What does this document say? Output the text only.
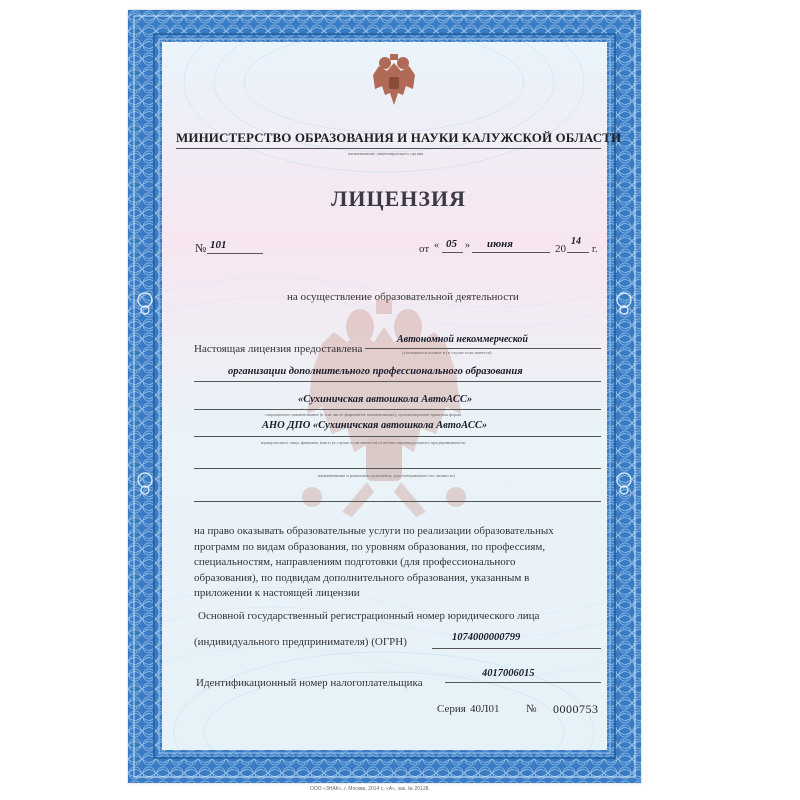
МИНИСТЕРСТВО ОБРАЗОВАНИЯ И НАУКИ КАЛУЖСКОЙ ОБЛАСТИ
наименование лицензирующего органа
ЛИЦЕНЗИЯ
№ 101	от « 05 » июня	20
14
г.
на осуществление образовательной деятельности
Настоящая лицензия предоставлена
Автономной некоммерческой
(указывается полное и (в случае если имеется)
организации дополнительного профессионального образования
«Сухиничская автошкола АвтоАСС»
сокращенное наименование (в том числе фирменное наименование), организационно-правовая форма
АНО ДПО «Сухиничская автошкола АвтоАСС»
юридического лица, фамилия, имя и (в случае если имеется) отчество индивидуального предпринимателя,
наименование и реквизиты документа, удостоверяющего его личность)
на право оказывать образовательные услуги по реализации образовательных
программ по видам образования, по уровням образования, по профессиям,
специальностям, направлениям подготовки (для профессионального
образования), по подвидам дополнительного образования, указанным в
приложении к настоящей лицензии
Основной государственный регистрационный номер юридического лица
(индивидуального предпринимателя) (ОГРН)	1074000000799
Идентификационный номер налогоплательщика
4017006015
Серия 40Л01 № 0000753
ООО «ЗНАК», г. Москва, 2014 г., «А», зак. № 20128.
